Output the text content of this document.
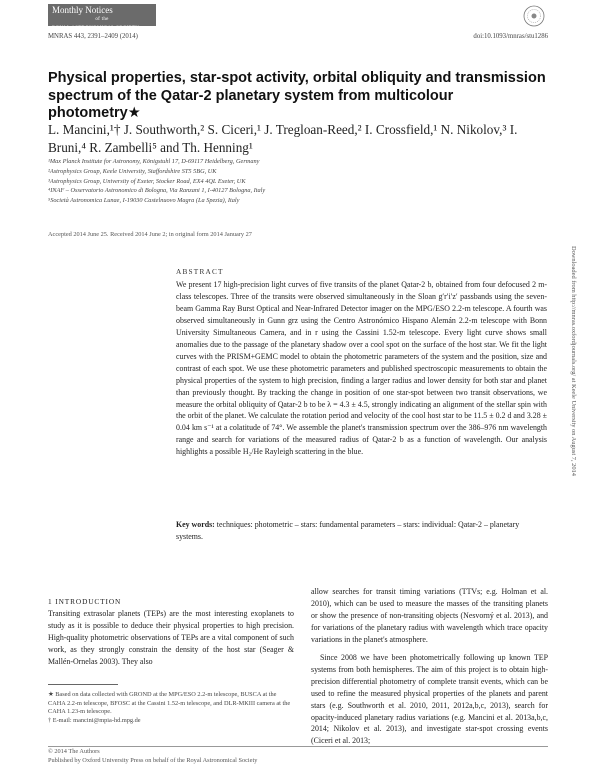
Monthly Notices
of the
ROYAL ASTRONOMICAL SOCIETY
MNRAS 443, 2391–2409 (2014)	doi:10.1093/mnras/stu1286
Physical properties, star-spot activity, orbital obliquity and transmission spectrum of the Qatar-2 planetary system from multicolour photometry★
L. Mancini,¹† J. Southworth,² S. Ciceri,¹ J. Tregloan-Reed,² I. Crossfield,¹ N. Nikolov,³ I. Bruni,⁴ R. Zambelli⁵ and Th. Henning¹
¹Max Planck Institute for Astronomy, Königstuhl 17, D-69117 Heidelberg, Germany
²Astrophysics Group, Keele University, Staffordshire ST5 5BG, UK
³Astrophysics Group, University of Exeter, Stocker Road, EX4 4QL Exeter, UK
⁴INAF – Osservatorio Astronomico di Bologna, Via Ranzani 1, I-40127 Bologna, Italy
⁵Società Astronomica Lunae, I-19030 Castelnuovo Magra (La Spezia), Italy
Accepted 2014 June 25. Received 2014 June 2; in original form 2014 January 27
ABSTRACT
We present 17 high-precision light curves of five transits of the planet Qatar-2 b, obtained from four defocused 2 m-class telescopes. Three of the transits were observed simultaneously in the Sloan g′r′i′z′ passbands using the seven-beam Gamma Ray Burst Optical and Near-Infrared Detector imager on the MPG/ESO 2.2-m telescope. A fourth was observed simultaneously in Gunn grz using the Centro Astronómico Hispano Alemán 2.2-m telescope with Bonn University Simultaneous Camera, and in r using the Cassini 1.52-m telescope. Every light curve shows small anomalies due to the passage of the planetary shadow over a cool spot on the surface of the host star. We fit the light curves with the PRISM+GEMC model to obtain the photometric parameters of the system and the position, size and contrast of each spot. We use these photometric parameters and published spectroscopic measurements to obtain the physical properties of the system to high precision, finding a larger radius and lower density for both star and planet than previously thought. By tracking the change in position of one star-spot between two transit observations, we measure the orbital obliquity of Qatar-2 b to be λ = 4.3 ± 4.5, strongly indicating an alignment of the stellar spin with the orbit of the planet. We calculate the rotation period and velocity of the cool host star to be 11.5 ± 0.2 d and 3.28 ± 0.04 km s⁻¹ at a colatitude of 74°. We assemble the planet's transmission spectrum over the 386–976 nm wavelength range and search for variations of the measured radius of Qatar-2 b as a function of wavelength. Our analysis highlights a possible H₂/He Rayleigh scattering in the blue.
Key words: techniques: photometric – stars: fundamental parameters – stars: individual: Qatar-2 – planetary systems.
1 INTRODUCTION

Transiting extrasolar planets (TEPs) are the most interesting exoplanets to study as it is possible to deduce their physical properties to high precision. High-quality photometric observations of TEPs are a vital component of such work, as they strongly constrain the density of the host star (Seager & Mallén-Ornelas 2003). They also

allow searches for transit timing variations (TTVs; e.g. Holman et al. 2010), which can be used to measure the masses of the transiting planets or show the presence of non-transiting objects (Nesvorný et al. 2013), and for variations of the planetary radius with wavelength which trace opacity variations in the planet's atmosphere.

Since 2008 we have been photometrically following up known TEP systems from both hemispheres. The aim of this project is to obtain high-precision differential photometry of complete transit events, which can be used to refine the measured physical properties of the planets and parent stars (e.g. Southworth et al. 2010, 2011, 2012a,b,c, 2013), search for opacity-induced planetary radius variations (e.g. Mancini et al. 2013a,b,c, 2014; Nikolov et al. 2013), and investigate star-spot crossing events (Ciceri et al. 2013;

★ Based on data collected with GROND at the MPG/ESO 2.2-m telescope, BUSCA at the CAHA 2.2-m telescope, BFOSC at the Cassini 1.52-m telescope, and DLR-MKIII camera at the CAHA 1.23-m telescope.

† E-mail: mancini@mpia-hd.mpg.de

© 2014 The Authors
Published by Oxford University Press on behalf of the Royal Astronomical Society
Downloaded from http://mnras.oxfordjournals.org/ at Keele University on August 7, 2014
